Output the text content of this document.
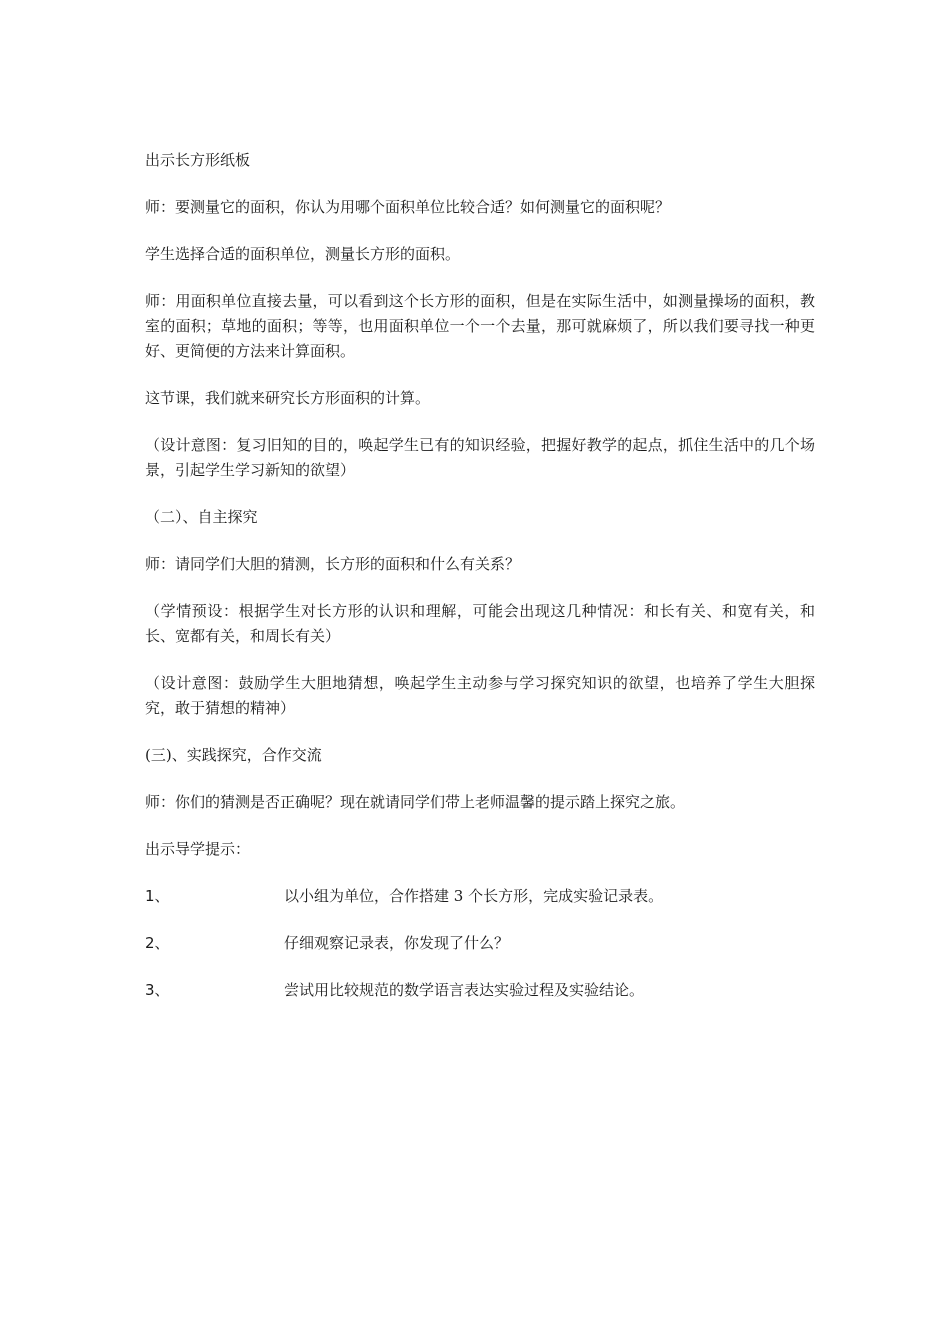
出示长方形纸板

师：要测量它的面积，你认为用哪个面积单位比较合适？如何测量它的面积呢？

学生选择合适的面积单位，测量长方形的面积。

师：用面积单位直接去量，可以看到这个长方形的面积，但是在实际生活中，如测量操场的面积，教室的面积；草地的面积；等等，也用面积单位一个一个去量，那可就麻烦了，所以我们要寻找一种更好、更简便的方法来计算面积。

这节课，我们就来研究长方形面积的计算。

（设计意图：复习旧知的目的，唤起学生已有的知识经验，把握好教学的起点，抓住生活中的几个场景，引起学生学习新知的欲望）

（二）、自主探究

师：请同学们大胆的猜测，长方形的面积和什么有关系？

（学情预设：根据学生对长方形的认识和理解，可能会出现这几种情况：和长有关、和宽有关，和长、宽都有关，和周长有关）

（设计意图：鼓励学生大胆地猜想，唤起学生主动参与学习探究知识的欲望，也培养了学生大胆探究，敢于猜想的精神）

(三)、实践探究，合作交流

师：你们的猜测是否正确呢？现在就请同学们带上老师温馨的提示踏上探究之旅。

出示导学提示：

1、	以小组为单位，合作搭建 3 个长方形，完成实验记录表。
2、	仔细观察记录表，你发现了什么？
3、	尝试用比较规范的数学语言表达实验过程及实验结论。
